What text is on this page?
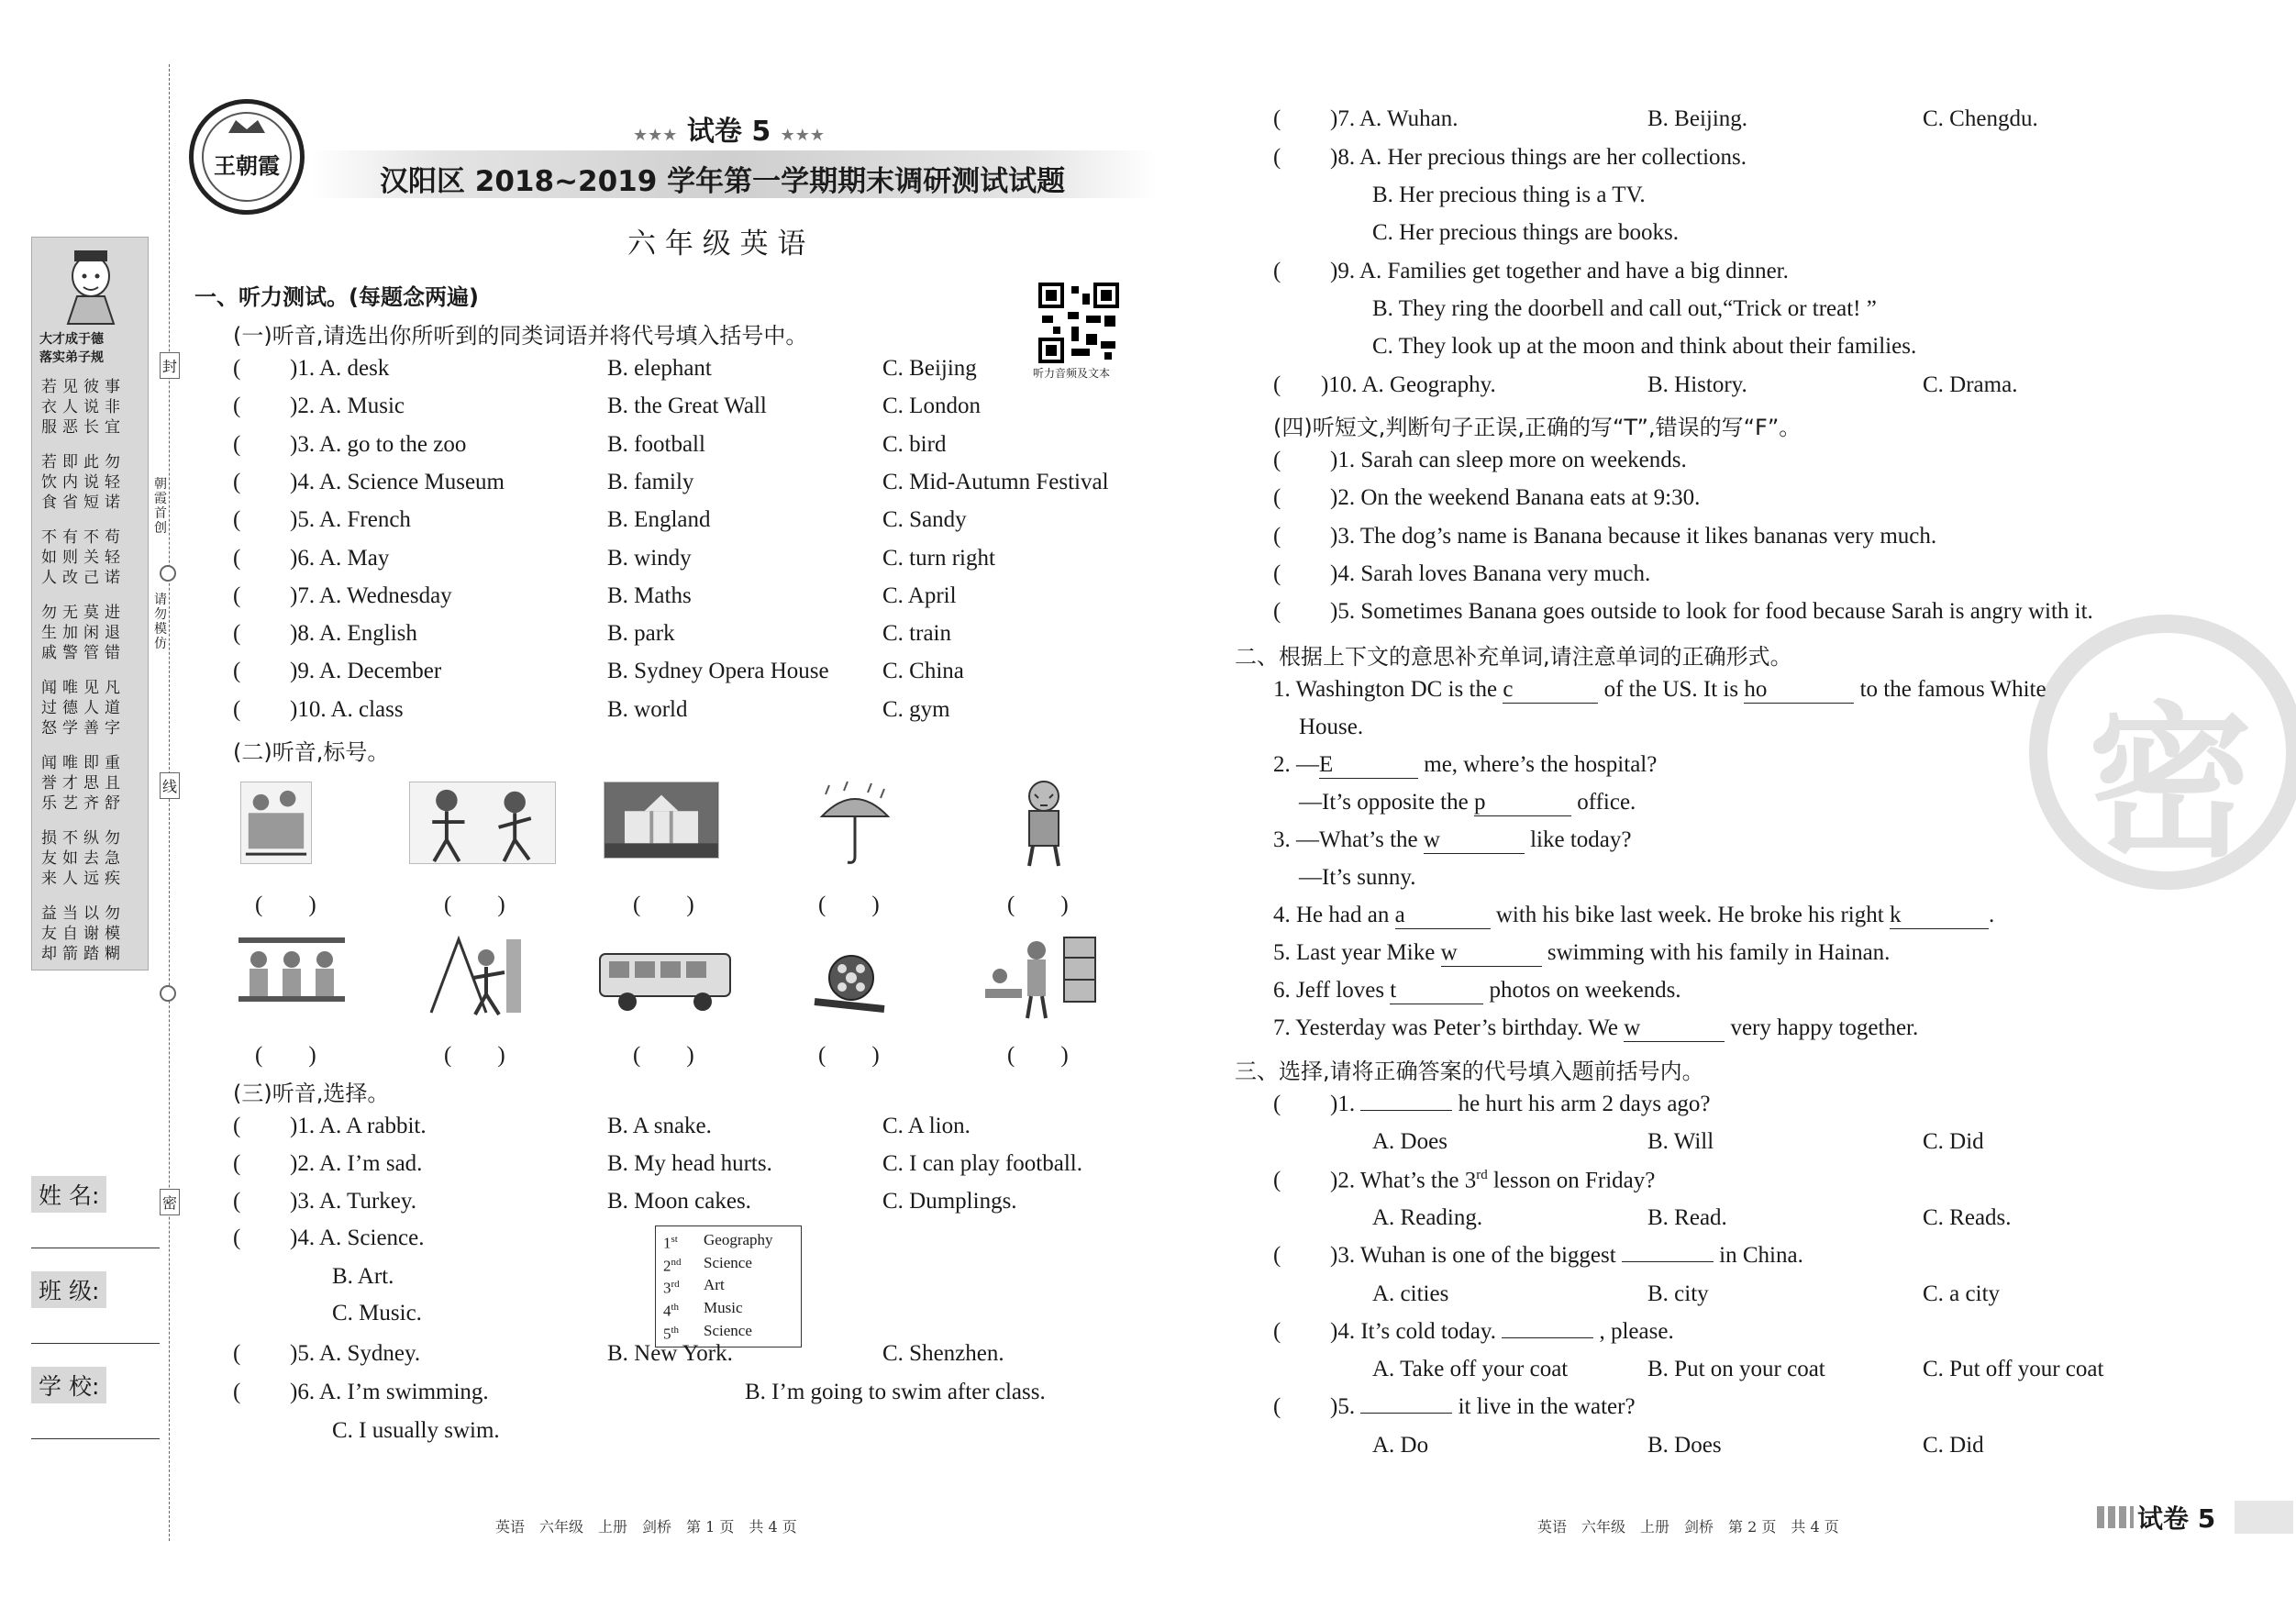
大才成于德
落实弟子规
若见彼事
衣人说非
服恶长宜
若即此勿
饮内说轻
食省短诺
不有不苟
如则关轻
人改己诺
勿无莫进
生加闲退
戚警管错
闻唯见凡
过德人道
怒学善字
闻唯即重
誉才思且
乐艺齐舒
损不纵勿
友如去急
来人远疾
益当以勿
友自谢模
却箭踏糊
封
朝霞首创
请勿模仿
线
密
姓 名:
班 级:
学 校:
王朝霞
★★★ 试卷 5 ★★★
汉阳区 2018~2019 学年第一学期期末调研测试试题
六 年 级 英 语
听力音频及文本
一、听力测试。(每题念两遍)
(一)听音,请选出你所听到的同类词语并将代号填入括号中。
( )1. A. desk	B. elephant	C. Beijing
( )2. A. Music	B. the Great Wall	C. London
( )3. A. go to the zoo	B. football	C. bird
( )4. A. Science Museum	B. family	C. Mid-Autumn Festival
( )5. A. French	B. England	C. Sandy
( )6. A. May	B. windy	C. turn right
( )7. A. Wednesday	B. Maths	C. April
( )8. A. English	B. park	C. train
( )9. A. December	B. Sydney Opera House C. China
( )10. A. class	B. world	C. gym
(二)听音,标号。
(　　)	(　　)	(　　)	(　　)	(　　)
(　　)	(　　)	(　　)	(　　)	(　　)
(三)听音,选择。
( )1. A. A rabbit.	B. A snake.	C. A lion.
( )2. A. I’m sad.	B. My head hurts.	C. I can play football.
( )3. A. Turkey.	B. Moon cakes.	C. Dumplings.
( )4. A. Science.
B. Art.
C. Music.
1st	Geography
2nd	Science
3rd	Art
4th	Music
5th	Science
( )5. A. Sydney.	B. New York.	C. Shenzhen.
( )6. A. I’m swimming.	B. I’m going to swim after class.
C. I usually swim.
英语　六年级　上册　剑桥　第 1 页　共 4 页
密
( )7. A. Wuhan.	B. Beijing.	C. Chengdu.
( )8. A. Her precious things are her collections.
B. Her precious thing is a TV.
C. Her precious things are books.
( )9. A. Families get together and have a big dinner.
B. They ring the doorbell and call out,“Trick or treat! ”
C. They look up at the moon and think about their families.
( )10. A. Geography.	B. History.	C. Drama.
(四)听短文,判断句子正误,正确的写“T”,错误的写“F”。
( )1. Sarah can sleep more on weekends.
( )2. On the weekend Banana eats at 9:30.
( )3. The dog’s name is Banana because it likes bananas very much.
( )4. Sarah loves Banana very much.
( )5. Sometimes Banana goes outside to look for food because Sarah is angry with it.
二、根据上下文的意思补充单词,请注意单词的正确形式。
1. Washington DC is the c	of the US. It is ho	to the famous White
House.
2. —E	me, where’s the hospital?
—It’s opposite the p	office.
3. —What’s the w	like today?
—It’s sunny.
4. He had an a	with his bike last week. He broke his right k	.
5. Last year Mike w	swimming with his family in Hainan.
6. Jeff loves t	photos on weekends.
7. Yesterday was Peter’s birthday. We w	very happy together.
三、选择,请将正确答案的代号填入题前括号内。
( )1.	he hurt his arm 2 days ago?
A. Does	B. Will	C. Did
( )2. What’s the 3rd lesson on Friday?
A. Reading.	B. Read.	C. Reads.
( )3. Wuhan is one of the biggest	in China.
A. cities	B. city	C. a city
( )4. It’s cold today.	, please.
A. Take off your coat	B. Put on your coat	C. Put off your coat
( )5.	it live in the water?
A. Do	B. Does	C. Did
英语　六年级　上册　剑桥　第 2 页　共 4 页	试卷 5
